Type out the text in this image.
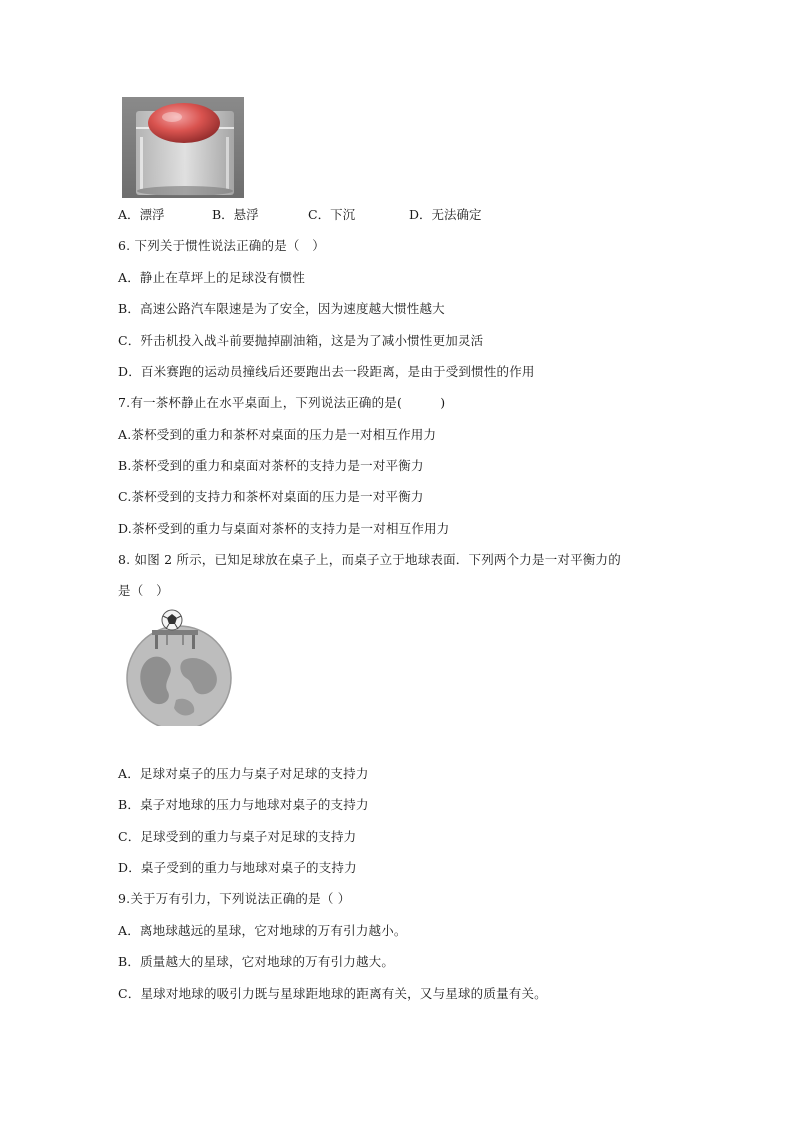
A．漂浮	B．悬浮	C．下沉	D．无法确定
6. 下列关于惯性说法正确的是（　）
A．静止在草坪上的足球没有惯性
B．高速公路汽车限速是为了安全，因为速度越大惯性越大
C．歼击机投入战斗前要抛掉副油箱，这是为了减小惯性更加灵活
D．百米赛跑的运动员撞线后还要跑出去一段距离，是由于受到惯性的作用
7.有一茶杯静止在水平桌面上，下列说法正确的是(　　　)
A.茶杯受到的重力和茶杯对桌面的压力是一对相互作用力
B.茶杯受到的重力和桌面对茶杯的支持力是一对平衡力
C.茶杯受到的支持力和茶杯对桌面的压力是一对平衡力
D.茶杯受到的重力与桌面对茶杯的支持力是一对相互作用力
8. 如图 2 所示，已知足球放在桌子上，而桌子立于地球表面．下列两个力是一对平衡力的
是（　）
A．足球对桌子的压力与桌子对足球的支持力
B．桌子对地球的压力与地球对桌子的支持力
C．足球受到的重力与桌子对足球的支持力
D．桌子受到的重力与地球对桌子的支持力
9.关于万有引力，下列说法正确的是（ ）
A．离地球越远的星球，它对地球的万有引力越小。
B．质量越大的星球，它对地球的万有引力越大。
C．星球对地球的吸引力既与星球距地球的距离有关，又与星球的质量有关。
